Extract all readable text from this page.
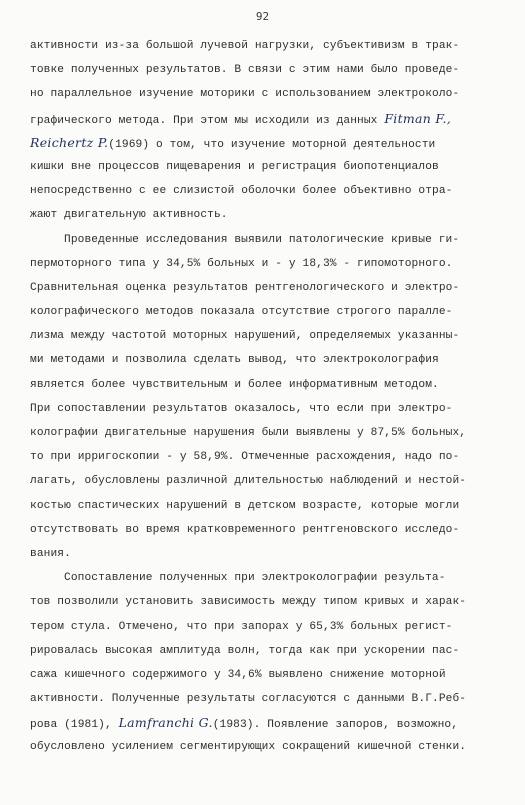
92
активности из-за большой лучевой нагрузки, субъективизм в трак-
товке полученных результатов. В связи с этим нами было проведе-
но параллельное изучение моторики с использованием электроколо-
графического метода. При этом мы исходили из данных Fitman F.,
Reichertz P.(1969) о том, что изучение моторной деятельности
кишки вне процессов пищеварения и регистрация биопотенциалов
непосредственно с ее слизистой оболочки более объективно отра-
жают двигательную активность.
Проведенные исследования выявили патологические кривые ги-
пермоторного типа у 34,5% больных и - у 18,3% - гипомоторного.
Сравнительная оценка результатов рентгенологического и электро-
колографического методов показала отсутствие строгого паралле-
лизма между частотой моторных нарушений, определяемых указанны-
ми методами и позволила сделать вывод, что электроколография
является более чувствительным и более информативным методом.
При сопоставлении результатов оказалось, что если при электро-
колографии двигательные нарушения были выявлены у 87,5% больных,
то при ирригоскопии - у 58,9%. Отмеченные расхождения, надо по-
лагать, обусловлены различной длительностью наблюдений и нестой-
костью спастических нарушений в детском возрасте, которые могли
отсутствовать во время кратковременного рентгеновского исследо-
вания.
Сопоставление полученных при электроколографии результа-
тов позволили установить зависимость между типом кривых и харак-
тером стула. Отмечено, что при запорах у 65,3% больных регист-
рировалась высокая амплитуда волн, тогда как при ускорении пас-
сажа кишечного содержимого у 34,6% выявлено снижение моторной
активности. Полученные результаты согласуются с данными В.Г.Реб-
рова (1981), Lamfranchi G.(1983). Появление запоров, возможно,
обусловлено усилением сегментирующих сокращений кишечной стенки.
